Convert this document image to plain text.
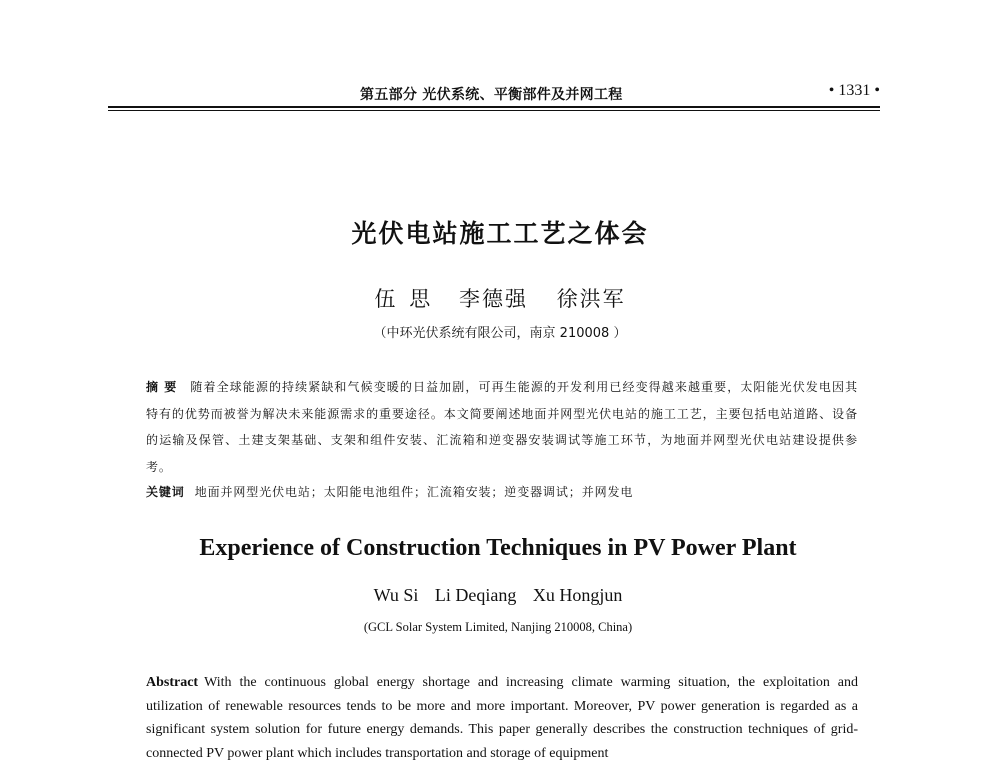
第五部分 光伏系统、平衡部件及并网工程	• 1331 •
光伏电站施工工艺之体会
伍思 李德强 徐洪军
（中环光伏系统有限公司，南京 210008 ）
摘要 随着全球能源的持续紧缺和气候变暖的日益加剧，可再生能源的开发利用已经变得越来越重要，太阳能光伏发电因其特有的优势而被誉为解决未来能源需求的重要途径。本文简要阐述地面并网型光伏电站的施工工艺，主要包括电站道路、设备的运输及保管、土建支架基础、支架和组件安装、汇流箱和逆变器安装调试等施工环节，为地面并网型光伏电站建设提供参考。
关键词 地面并网型光伏电站；太阳能电池组件；汇流箱安装；逆变器调试；并网发电
Experience of Construction Techniques in PV Power Plant
Wu Si Li Deqiang Xu Hongjun
(GCL Solar System Limited, Nanjing 210008, China)
Abstract With the continuous global energy shortage and increasing climate warming situation, the exploitation and utilization of renewable resources tends to be more and more important. Moreover, PV power generation is regarded as a significant system solution for future energy demands. This paper generally describes the construction techniques of grid-connected PV power plant which includes transportation and storage of equipment
